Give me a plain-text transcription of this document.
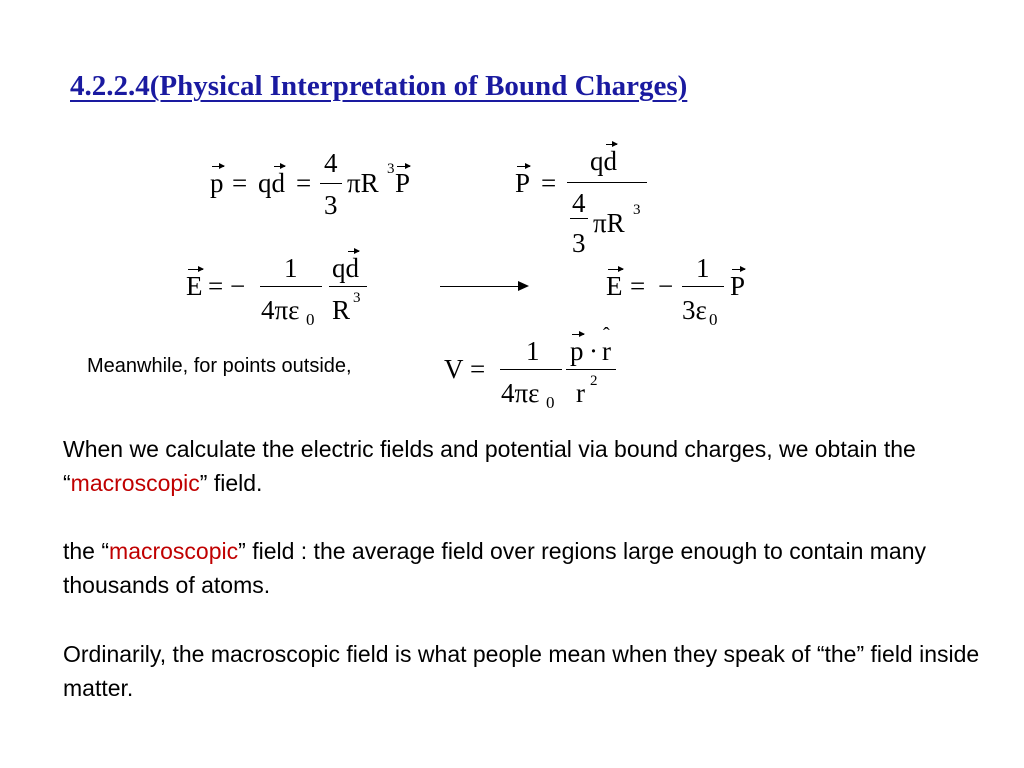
4.2.2.4(Physical Interpretation of Bound Charges)
p = q d =
4
3
πR 3 P	P =
q d
4
3
πR 3
E = −
1
4πε 0
q d
R 3	E = −
1
3ε 0
P
Meanwhile, for points outside,	V =
1
4πε 0
p ·
ˆ r
r 2
When we calculate the electric fields and potential via bound charges, we obtain the “macroscopic” field.
the “macroscopic” field : the average field over regions large enough to contain many thousands of atoms.
Ordinarily, the macroscopic field is what people mean when they speak of “the” field inside matter.
